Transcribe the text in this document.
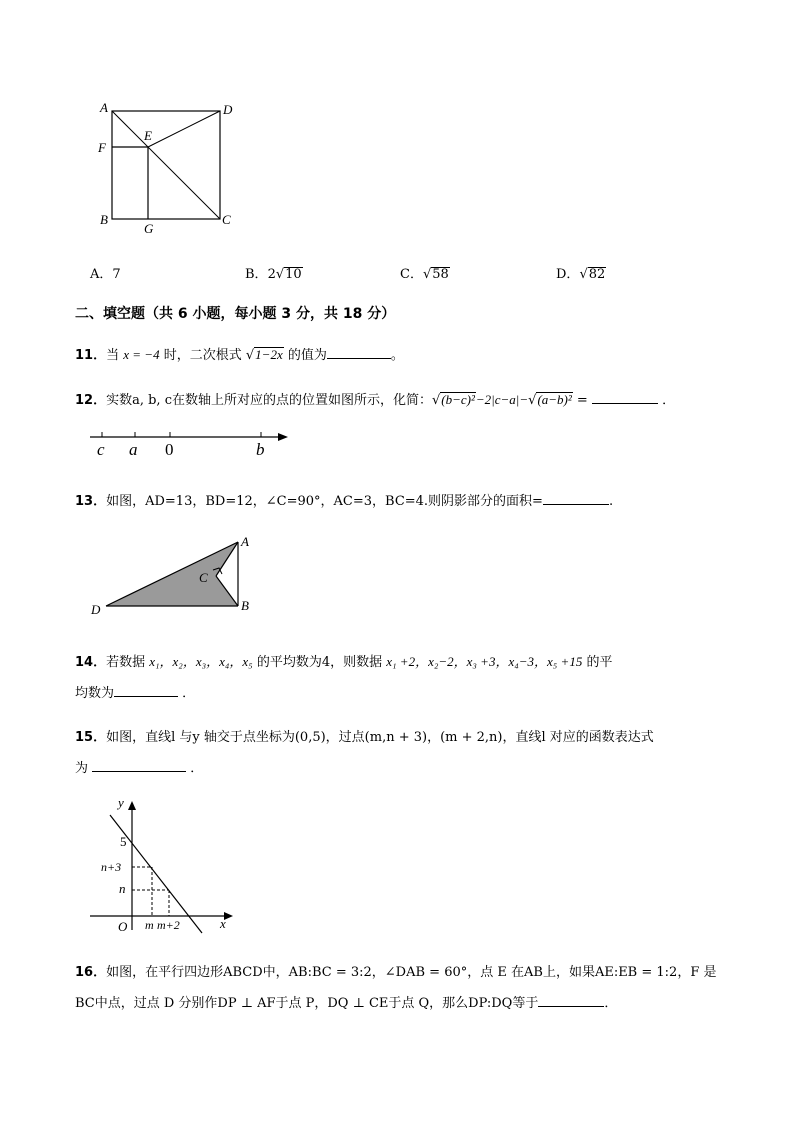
A	D
E
F
B
G
C
A．7	B．2√10	C．√58	D．√82
二、填空题（共 6 小题，每小题 3 分，共 18 分）
11．当 x = −4 时，二次根式 √1−2x 的值为	。
12．实数a, b, c在数轴上所对应的点的位置如图所示，化简：√(b−c)²−2|c−a|−√(a−b)² =	．
c a 0	b
13．如图，AD=13，BD=12，∠C=90°，AC=3，BC=4.则阴影部分的面积=	.
A
C
D	B
14．若数据 x₁，x₂，x₃，x₄，x₅ 的平均数为4，则数据 x₁ +2，x₂−2，x₃ +3，x₄−3，x₅ +15 的平
均数为	．
15．如图，直线l 与y 轴交于点坐标为(0,5)，过点(m,n + 3)，(m + 2,n)，直线l 对应的函数表达式
为	．
y
x
5
n+3
n
O m m+2
16．如图，在平行四边形ABCD中，AB:BC = 3:2，∠DAB = 60°，点 E 在AB上，如果AE:EB = 1:2，F 是
BC中点，过点 D 分别作DP ⊥ AF于点 P，DQ ⊥ CE于点 Q，那么DP:DQ等于	．
